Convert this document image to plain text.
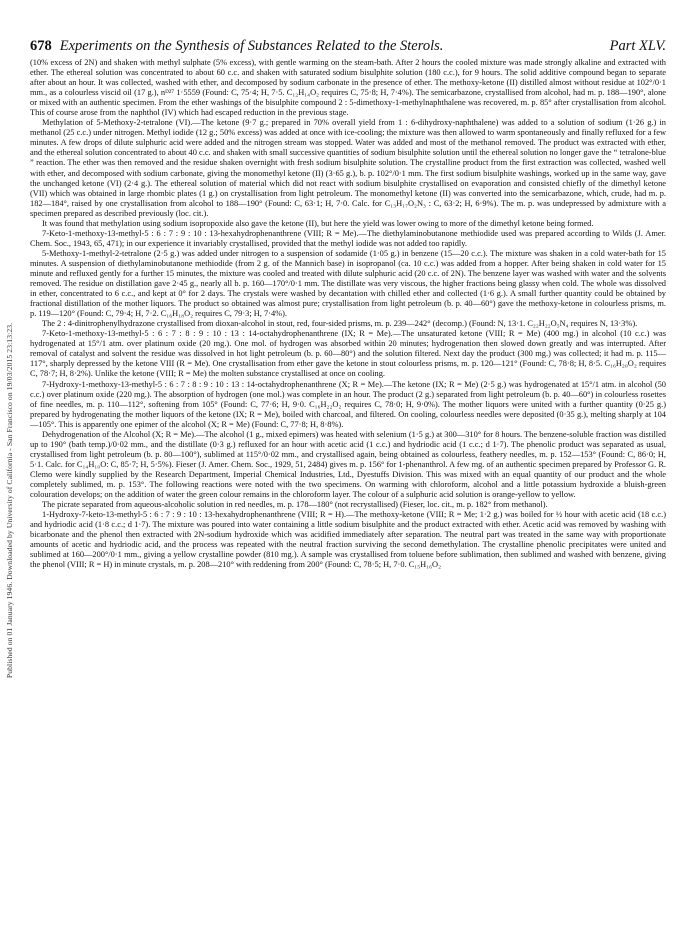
Published on 01 January 1946. Downloaded by University of California - San Francisco on 19/03/2015 23:13:23.
678 Experiments on the Synthesis of Substances Related to the Sterols.	Part XLV.

(10% excess of 2N) and shaken with methyl sulphate (5% excess), with gentle warming on the steam-bath. After 2 hours the cooled mixture was made strongly alkaline and extracted with ether. The ethereal solution was concentrated to about 60 c.c. and shaken with saturated sodium bisulphite solution (180 c.c.), for 9 hours. The solid additive compound began to separate after about an hour. It was collected, washed with ether, and decomposed by sodium carbonate in the presence of ether. The methoxy-ketone (II) distilled almost without residue at 102°/0·1 mm., as a colourless viscid oil (17 g.), nᴰ²⁷ 1·5559 (Found: C, 75·4; H, 7·5. C₁₂H₁₄O₂ requires C, 75·8; H, 7·4%). The semicarbazone, crystallised from alcohol, had m. p. 188—190°, alone or mixed with an authentic specimen. From the ether washings of the bisulphite compound 2 : 5-dimethoxy-1-methylnaphthalene was recovered, m. p. 85° after crystallisation from alcohol. This of course arose from the naphthol (IV) which had escaped reduction in the previous stage.

Methylation of 5-Methoxy-2-tetralone (VI).—The ketone (9·7 g.; prepared in 70% overall yield from 1 : 6-dihydroxy-naphthalene) was added to a solution of sodium (1·26 g.) in methanol (25 c.c.) under nitrogen. Methyl iodide (12 g.; 50% excess) was added at once with ice-cooling; the mixture was then allowed to warm spontaneously and finally refluxed for a few minutes. A few drops of dilute sulphuric acid were added and the nitrogen stream was stopped. Water was added and most of the methanol removed. The product was extracted with ether, and the ethereal solution concentrated to about 40 c.c. and shaken with small successive quantities of sodium bisulphite solution until the ethereal solution no longer gave the “ tetralone-blue ” reaction. The ether was then removed and the residue shaken overnight with fresh sodium bisulphite solution. The crystalline product from the first extraction was collected, washed well with ether, and decomposed with sodium carbonate, giving the monomethyl ketone (II) (3·65 g.), b. p. 102°/0·1 mm. The first sodium bisulphite washings, worked up in the same way, gave the unchanged ketone (VI) (2·4 g.). The ethereal solution of material which did not react with sodium bisulphite crystallised on evaporation and consisted chiefly of the dimethyl ketone (VII) which was obtained in large rhombic plates (1 g.) on crystallisation from light petroleum. The monomethyl ketone (II) was converted into the semicarbazone, which, crude, had m. p. 182—184°, raised by one crystallisation from alcohol to 188—190° (Found: C, 63·1; H, 7·0. Calc. for C₁₃H₁₇O₂N₃ : C, 63·2; H, 6·9%). The m. p. was undepressed by admixture with a specimen prepared as described previously (loc. cit.).

It was found that methylation using sodium isopropoxide also gave the ketone (II), but here the yield was lower owing to more of the dimethyl ketone being formed.

7-Keto-1-methoxy-13-methyl-5 : 6 : 7 : 9 : 10 : 13-hexahydrophenanthrene (VIII; R = Me).—The diethylaminobutanone methiodide used was prepared according to Wilds (J. Amer. Chem. Soc., 1943, 65, 471); in our experience it invariably crystallised, provided that the methyl iodide was not added too rapidly.

5-Methoxy-1-methyl-2-tetralone (2·5 g.) was added under nitrogen to a suspension of sodamide (1·05 g.) in benzene (15—20 c.c.). The mixture was shaken in a cold water-bath for 15 minutes. A suspension of diethylaminobutanone methiodide (from 2 g. of the Mannich base) in isopropanol (ca. 10 c.c.) was added from a hopper. After being shaken in cold water for 15 minute and refluxed gently for a further 15 minutes, the mixture was cooled and treated with dilute sulphuric acid (20 c.c. of 2N). The benzene layer was washed with water and the solvents removed. The residue on distillation gave 2·45 g., nearly all b. p. 160—170°/0·1 mm. The distillate was very viscous, the higher fractions being glassy when cold. The whole was dissolved in ether, concentrated to 6 c.c., and kept at 0° for 2 days. The crystals were washed by decantation with chilled ether and collected (1·6 g.). A small further quantity could be obtained by fractional distillation of the mother liquors. The product so obtained was almost pure; crystallisation from light petroleum (b. p. 40—60°) gave the methoxy-ketone in colourless prisms, m. p. 119—120° (Found: C, 79·4; H, 7·2. C₁₆H₁₈O₂ requires C, 79·3; H, 7·4%).

The 2 : 4-dinitrophenylhydrazone crystallised from dioxan-alcohol in stout, red, four-sided prisms, m. p. 239—242° (decomp.) (Found: N, 13·1. C₂₂H₂₂O₅N₄ requires N, 13·3%).

7-Keto-1-methoxy-13-methyl-5 : 6 : 7 : 8 : 9 : 10 : 13 : 14-octahydrophenanthrene (IX; R = Me).—The unsaturated ketone (VIII; R = Me) (400 mg.) in alcohol (10 c.c.) was hydrogenated at 15°/1 atm. over platinum oxide (20 mg.). One mol. of hydrogen was absorbed within 20 minutes; hydrogenation then slowed down greatly and was interrupted. After removal of catalyst and solvent the residue was dissolved in hot light petroleum (b. p. 60—80°) and the solution filtered. Next day the product (300 mg.) was collected; it had m. p. 115—117°, sharply depressed by the ketone VIII (R = Me). One crystallisation from ether gave the ketone in stout colourless prisms, m. p. 120—121° (Found: C, 78·8; H, 8·5. C₁₆H₂₀O₂ requires C, 78·7; H, 8·2%). Unlike the ketone (VIII; R = Me) the molten substance crystallised at once on cooling.

7-Hydroxy-1-methoxy-13-methyl-5 : 6 : 7 : 8 : 9 : 10 : 13 : 14-octahydrophenanthrene (X; R = Me).—The ketone (IX; R = Me) (2·5 g.) was hydrogenated at 15°/1 atm. in alcohol (50 c.c.) over platinum oxide (220 mg.). The absorption of hydrogen (one mol.) was complete in an hour. The product (2 g.) separated from light petroleum (b. p. 40—60°) in colourless rosettes of fine needles, m. p. 110—112°, softening from 105° (Found: C, 77·6; H, 9·0. C₁₆H₂₂O₂ requires C, 78·0; H, 9·0%). The mother liquors were united with a further quantity (0·25 g.) prepared by hydrogenating the mother liquors of the ketone (IX; R = Me), boiled with charcoal, and filtered. On cooling, colourless needles were deposited (0·35 g.), melting sharply at 104—105°. This is apparently one epimer of the alcohol (X; R = Me) (Found: C, 77·8; H, 8·8%).

Dehydrogenation of the Alcohol (X; R = Me).—The alcohol (1 g., mixed epimers) was heated with selenium (1·5 g.) at 300—310° for 8 hours. The benzene-soluble fraction was distilled up to 190° (bath temp.)/0·02 mm., and the distillate (0·3 g.) refluxed for an hour with acetic acid (1 c.c.) and hydriodic acid (1 c.c.; d 1·7). The phenolic product was separated as usual, crystallised from light petroleum (b. p. 80—100°), sublimed at 115°/0·02 mm., and crystallised again, being obtained as colourless, feathery needles, m. p. 152—153° (Found: C, 86·0; H, 5·1. Calc. for C₁₄H₁₀O: C, 85·7; H, 5·5%). Fieser (J. Amer. Chem. Soc., 1929, 51, 2484) gives m. p. 156° for 1-phenanthrol. A few mg. of an authentic specimen prepared by Professor G. R. Clemo were kindly supplied by the Research Department, Imperial Chemical Industries, Ltd., Dyestuffs Division. This was mixed with an equal quantity of our product and the whole completely sublimed, m. p. 153°. The following reactions were noted with the two specimens. On warming with chloroform, alcohol and a little potassium hydroxide a bluish-green colouration develops; on the addition of water the green colour remains in the chloroform layer. The colour of a sulphuric acid solution is orange-yellow to yellow.

The picrate separated from aqueous-alcoholic solution in red needles, m. p. 178—180° (not recrystallised) (Fieser, loc. cit., m. p. 182° from methanol).

1-Hydroxy-7-keto-13-methyl-5 : 6 : 7 : 9 : 10 : 13-hexahydrophenanthrene (VIII; R = H).—The methoxy-ketone (VIII; R = Me; 1·2 g.) was boiled for ½ hour with acetic acid (18 c.c.) and hydriodic acid (1·8 c.c.; d 1·7). The mixture was poured into water containing a little sodium bisulphite and the product extracted with ether. Acetic acid was removed by washing with bicarbonate and the phenol then extracted with 2N-sodium hydroxide which was acidified immediately after separation. The neutral part was treated in the same way with proportionate amounts of acetic and hydriodic acid, and the process was repeated with the neutral fraction surviving the second demethylation. The crystalline phenolic precipitates were united and sublimed at 160—200°/0·1 mm., giving a yellow crystalline powder (810 mg.). A sample was crystallised from toluene before sublimation, then sublimed and washed with benzene, giving the phenol (VIII; R = H) in minute crystals, m. p. 208—210° with reddening from 200° (Found: C, 78·5; H, 7·0. C₁₅H₁₆O₂
